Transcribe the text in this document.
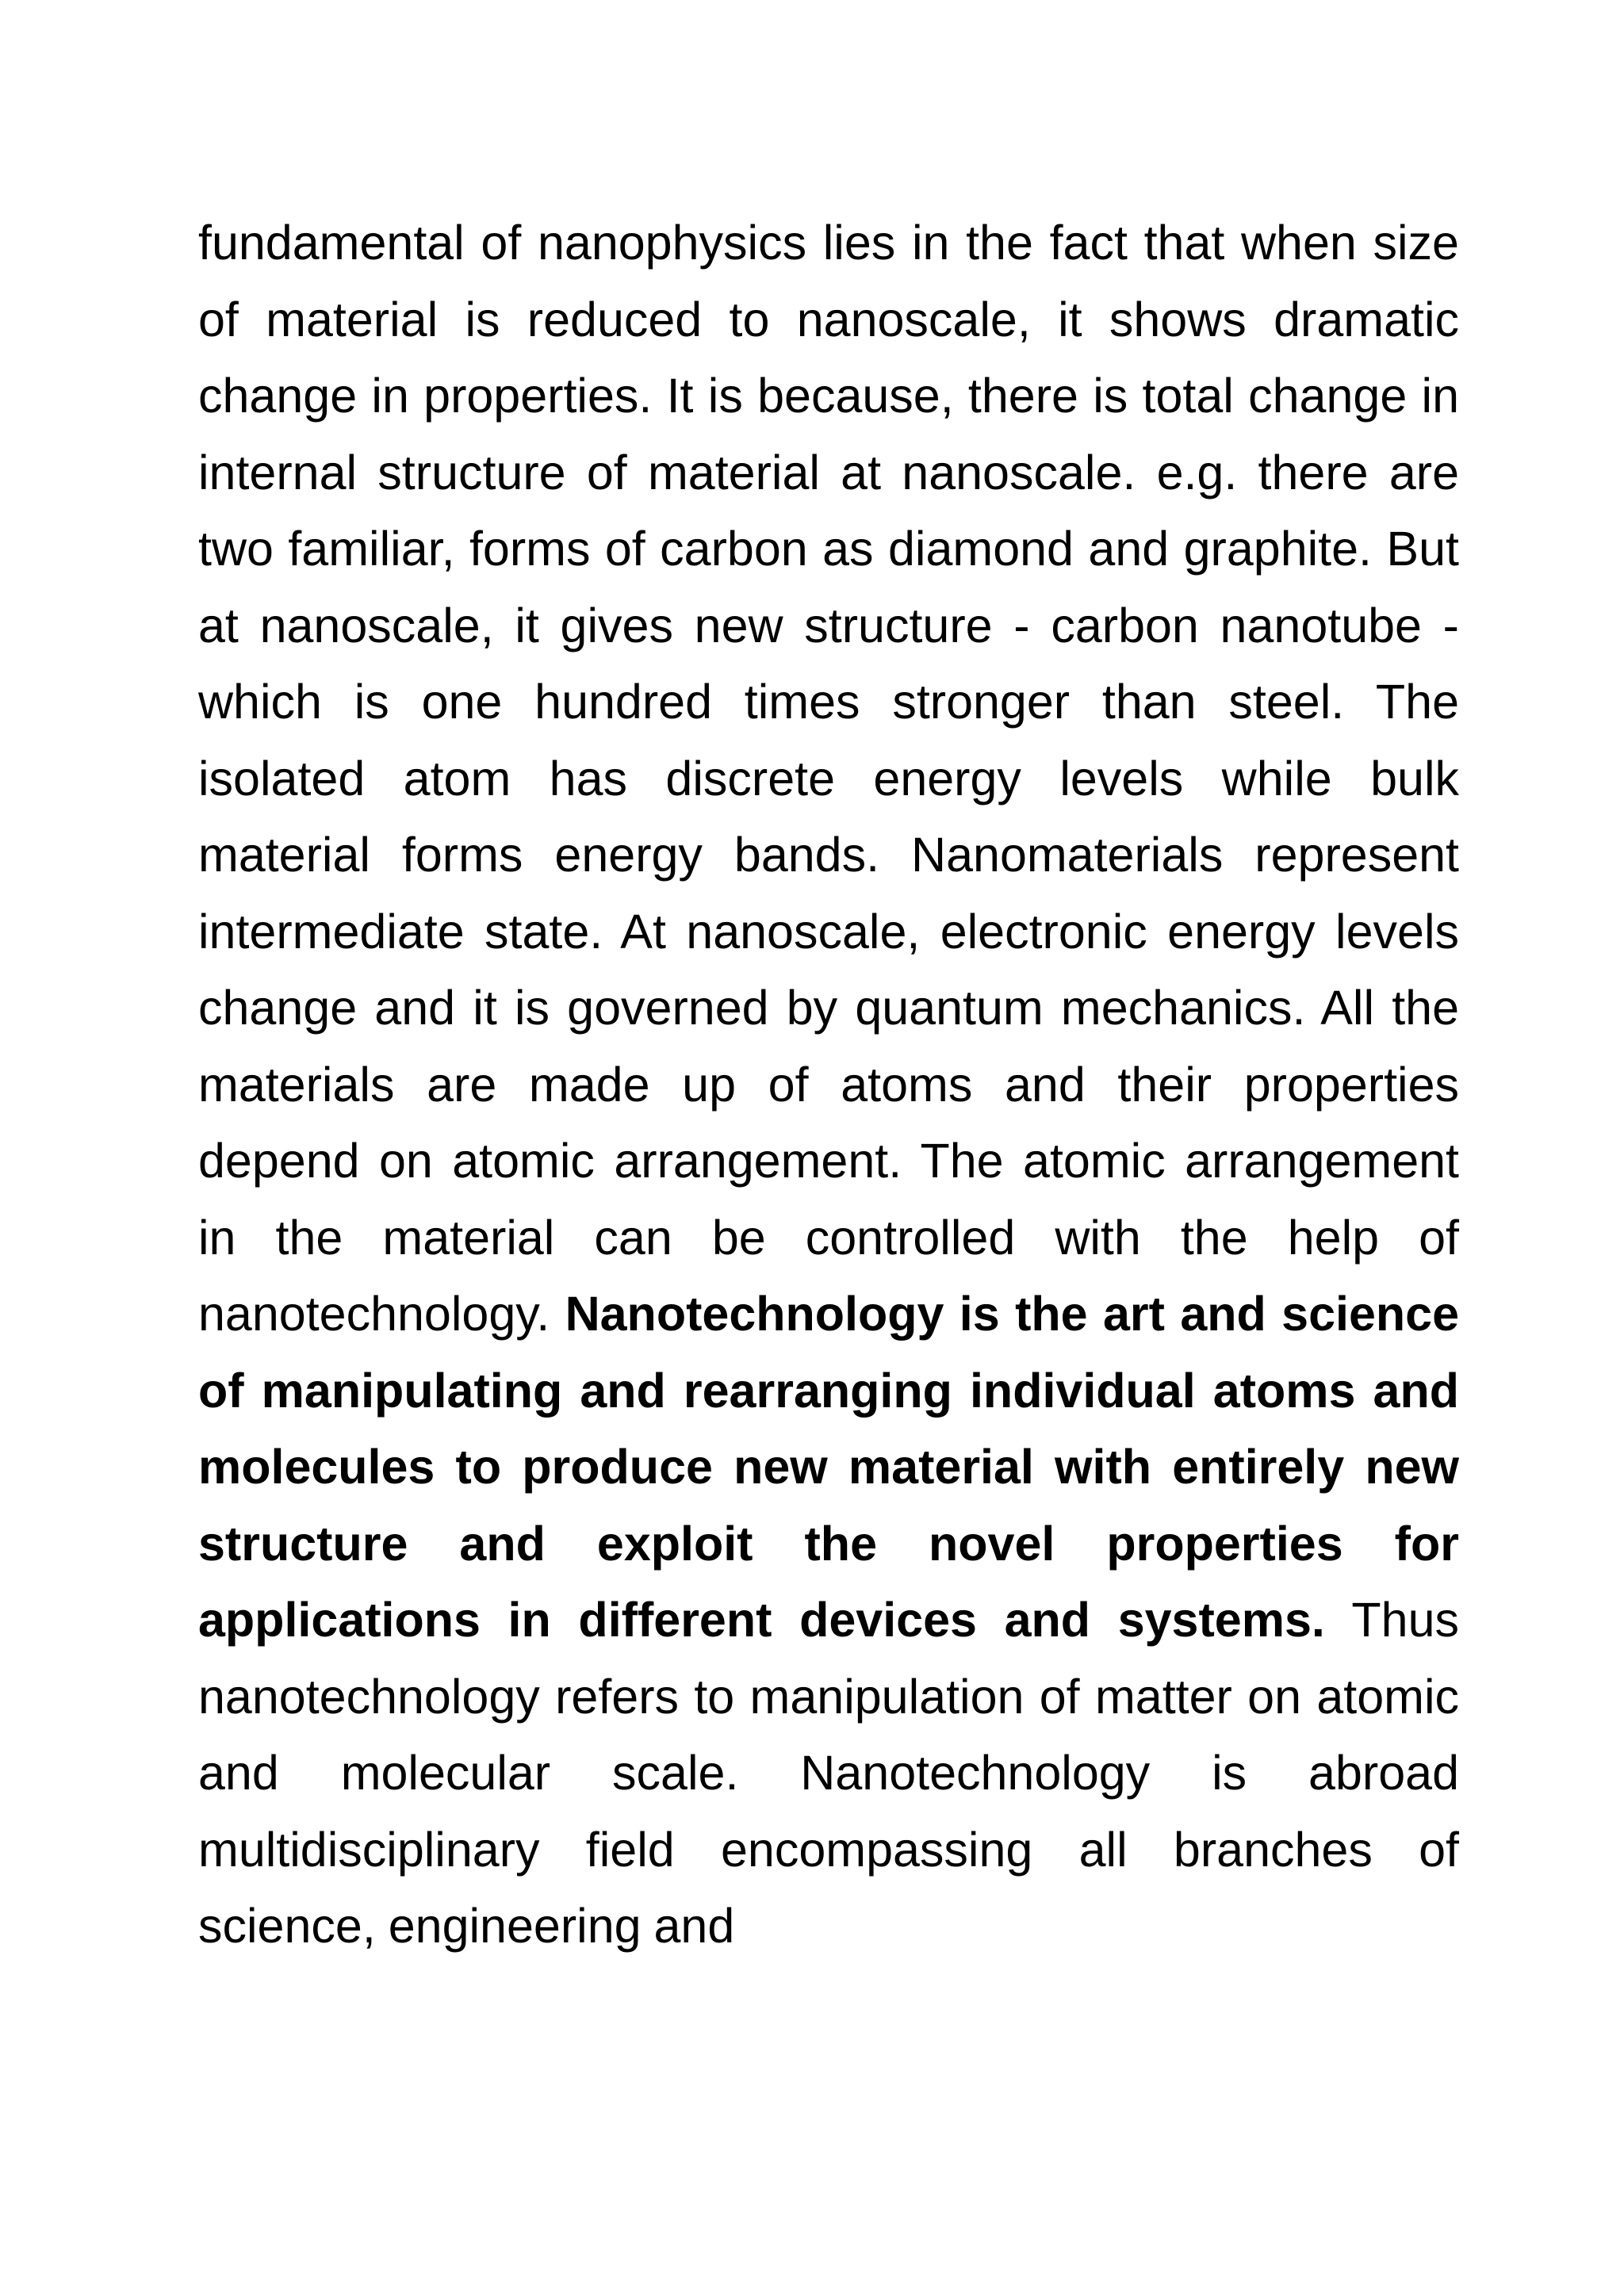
fundamental of nanophysics lies in the fact that when size of material is reduced to nanoscale, it shows dramatic change in properties. It is because, there is total change in internal structure of material at nanoscale. e.g. there are two familiar, forms of carbon as diamond and graphite. But at nanoscale, it gives new structure - carbon nanotube - which is one hundred times stronger than steel. The isolated atom has discrete energy levels while bulk material forms energy bands. Nanomaterials represent intermediate state. At nanoscale, electronic energy levels change and it is governed by quantum mechanics. All the materials are made up of atoms and their properties depend on atomic arrangement. The atomic arrangement in the material can be controlled with the help of nanotechnology. Nanotechnology is the art and science of manipulating and rearranging individual atoms and molecules to produce new material with entirely new structure and exploit the novel properties for applications in different devices and systems. Thus nanotechnology refers to manipulation of matter on atomic and molecular scale. Nanotechnology is abroad multidisciplinary field encompassing all branches of science, engineering and
